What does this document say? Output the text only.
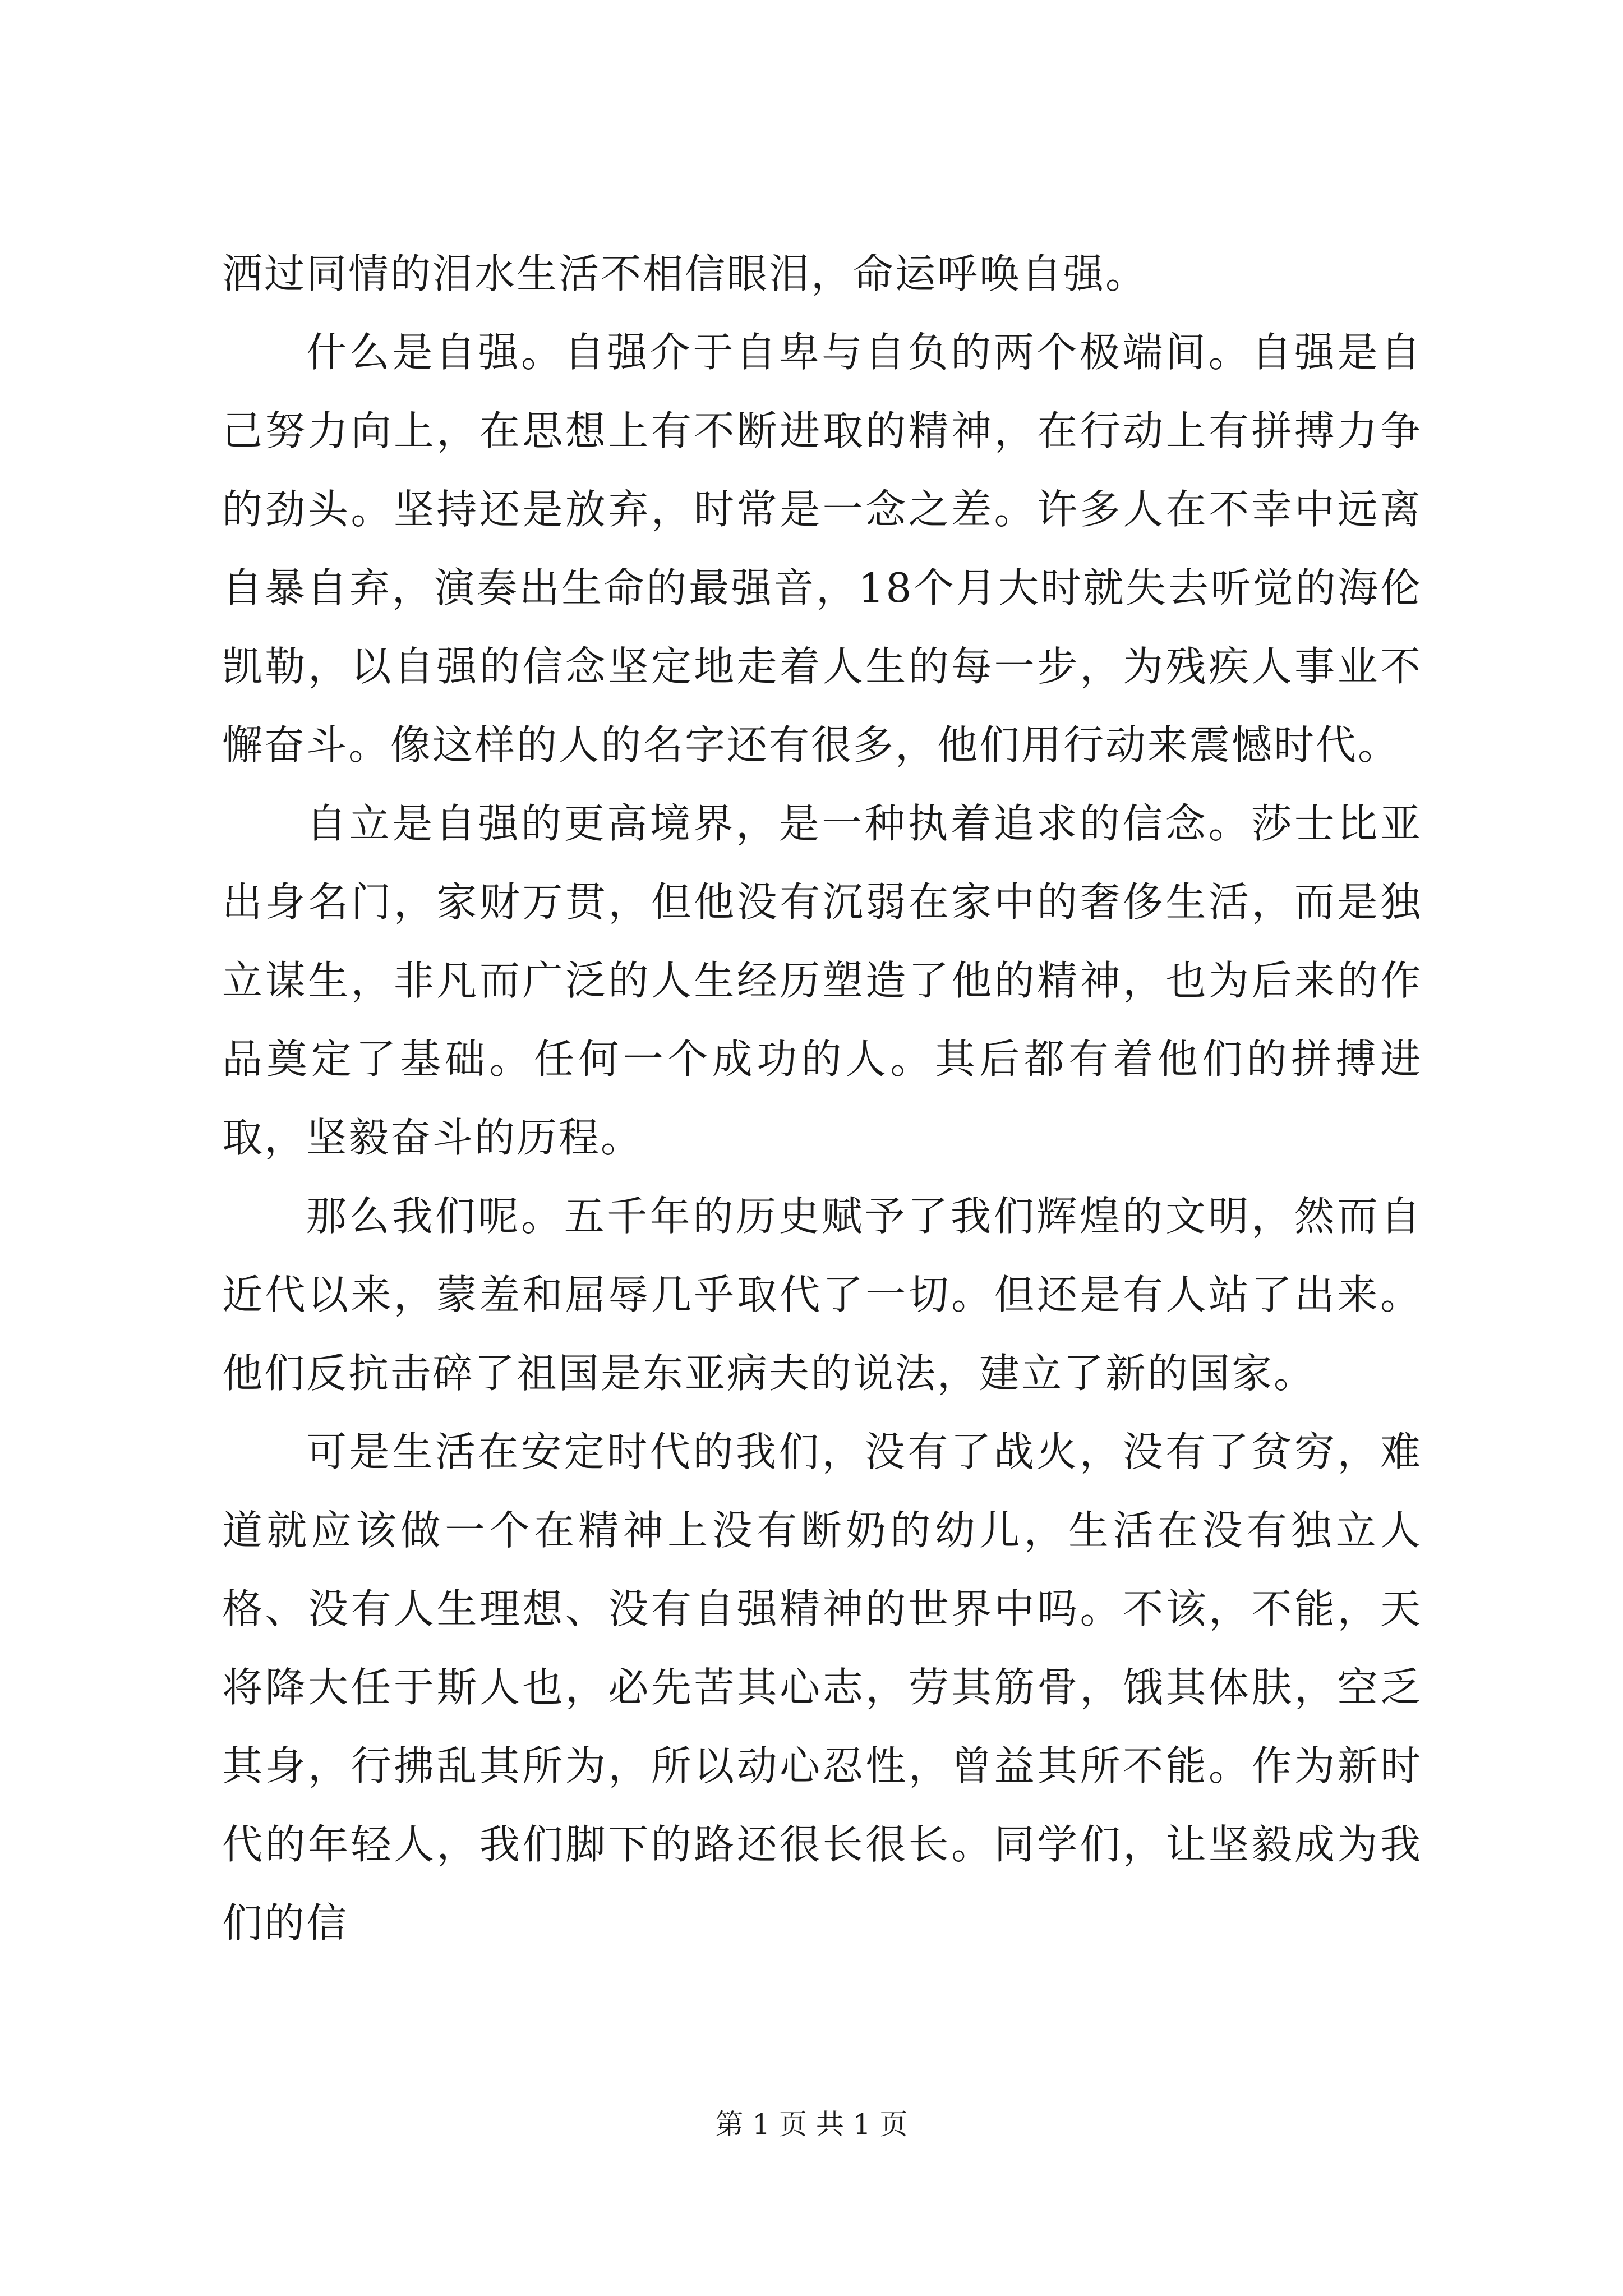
洒过同情的泪水生活不相信眼泪，命运呼唤自强。

什么是自强。自强介于自卑与自负的两个极端间。自强是自己努力向上，在思想上有不断进取的精神，在行动上有拼搏力争的劲头。坚持还是放弃，时常是一念之差。许多人在不幸中远离自暴自弃，演奏出生命的最强音，18个月大时就失去听觉的海伦凯勒，以自强的信念坚定地走着人生的每一步，为残疾人事业不懈奋斗。像这样的人的名字还有很多，他们用行动来震憾时代。

自立是自强的更高境界，是一种执着追求的信念。莎士比亚出身名门，家财万贯，但他没有沉弱在家中的奢侈生活，而是独立谋生，非凡而广泛的人生经历塑造了他的精神，也为后来的作品奠定了基础。任何一个成功的人。其后都有着他们的拼搏进取，坚毅奋斗的历程。

那么我们呢。五千年的历史赋予了我们辉煌的文明，然而自近代以来，蒙羞和屈辱几乎取代了一切。但还是有人站了出来。他们反抗击碎了祖国是东亚病夫的说法，建立了新的国家。

可是生活在安定时代的我们，没有了战火，没有了贫穷，难道就应该做一个在精神上没有断奶的幼儿，生活在没有独立人格、没有人生理想、没有自强精神的世界中吗。不该，不能，天将降大任于斯人也，必先苦其心志，劳其筋骨，饿其体肤，空乏其身，行拂乱其所为，所以动心忍性，曾益其所不能。作为新时代的年轻人，我们脚下的路还很长很长。同学们，让坚毅成为我们的信

第 1 页 共 1 页
